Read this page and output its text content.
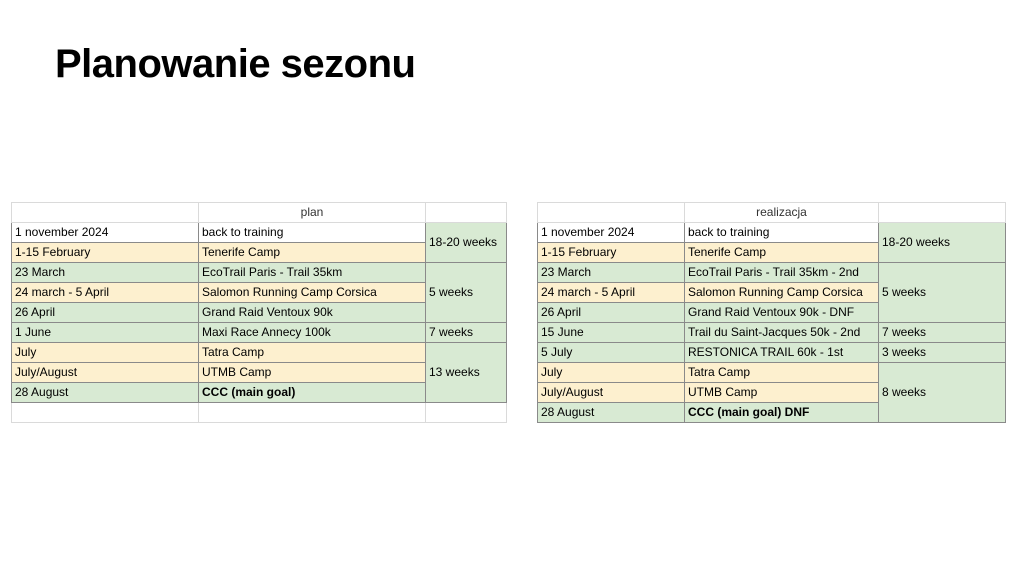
Planowanie sezonu
	plan	
1 november 2024	back to training	18-20 weeks
1-15 February	Tenerife Camp	
23 March	EcoTrail Paris - Trail 35km	5 weeks
24 march - 5 April	Salomon Running Camp Corsica	
26 April	Grand Raid Ventoux 90k	
1 June	Maxi Race Annecy 100k	7 weeks
July	Tatra Camp	13 weeks
July/August	UTMB Camp	
28 August	CCC (main goal)	

	realizacja	
1 november 2024	back to training	18-20 weeks
1-15 February	Tenerife Camp	
23 March	EcoTrail Paris - Trail 35km - 2nd	5 weeks
24 march - 5 April	Salomon Running Camp Corsica	
26 April	Grand Raid Ventoux 90k - DNF	
15 June	Trail du Saint-Jacques 50k - 2nd	7 weeks
5 July	RESTONICA TRAIL 60k - 1st	3 weeks
July	Tatra Camp	8 weeks
July/August	UTMB Camp	
28 August	CCC (main goal) DNF	
